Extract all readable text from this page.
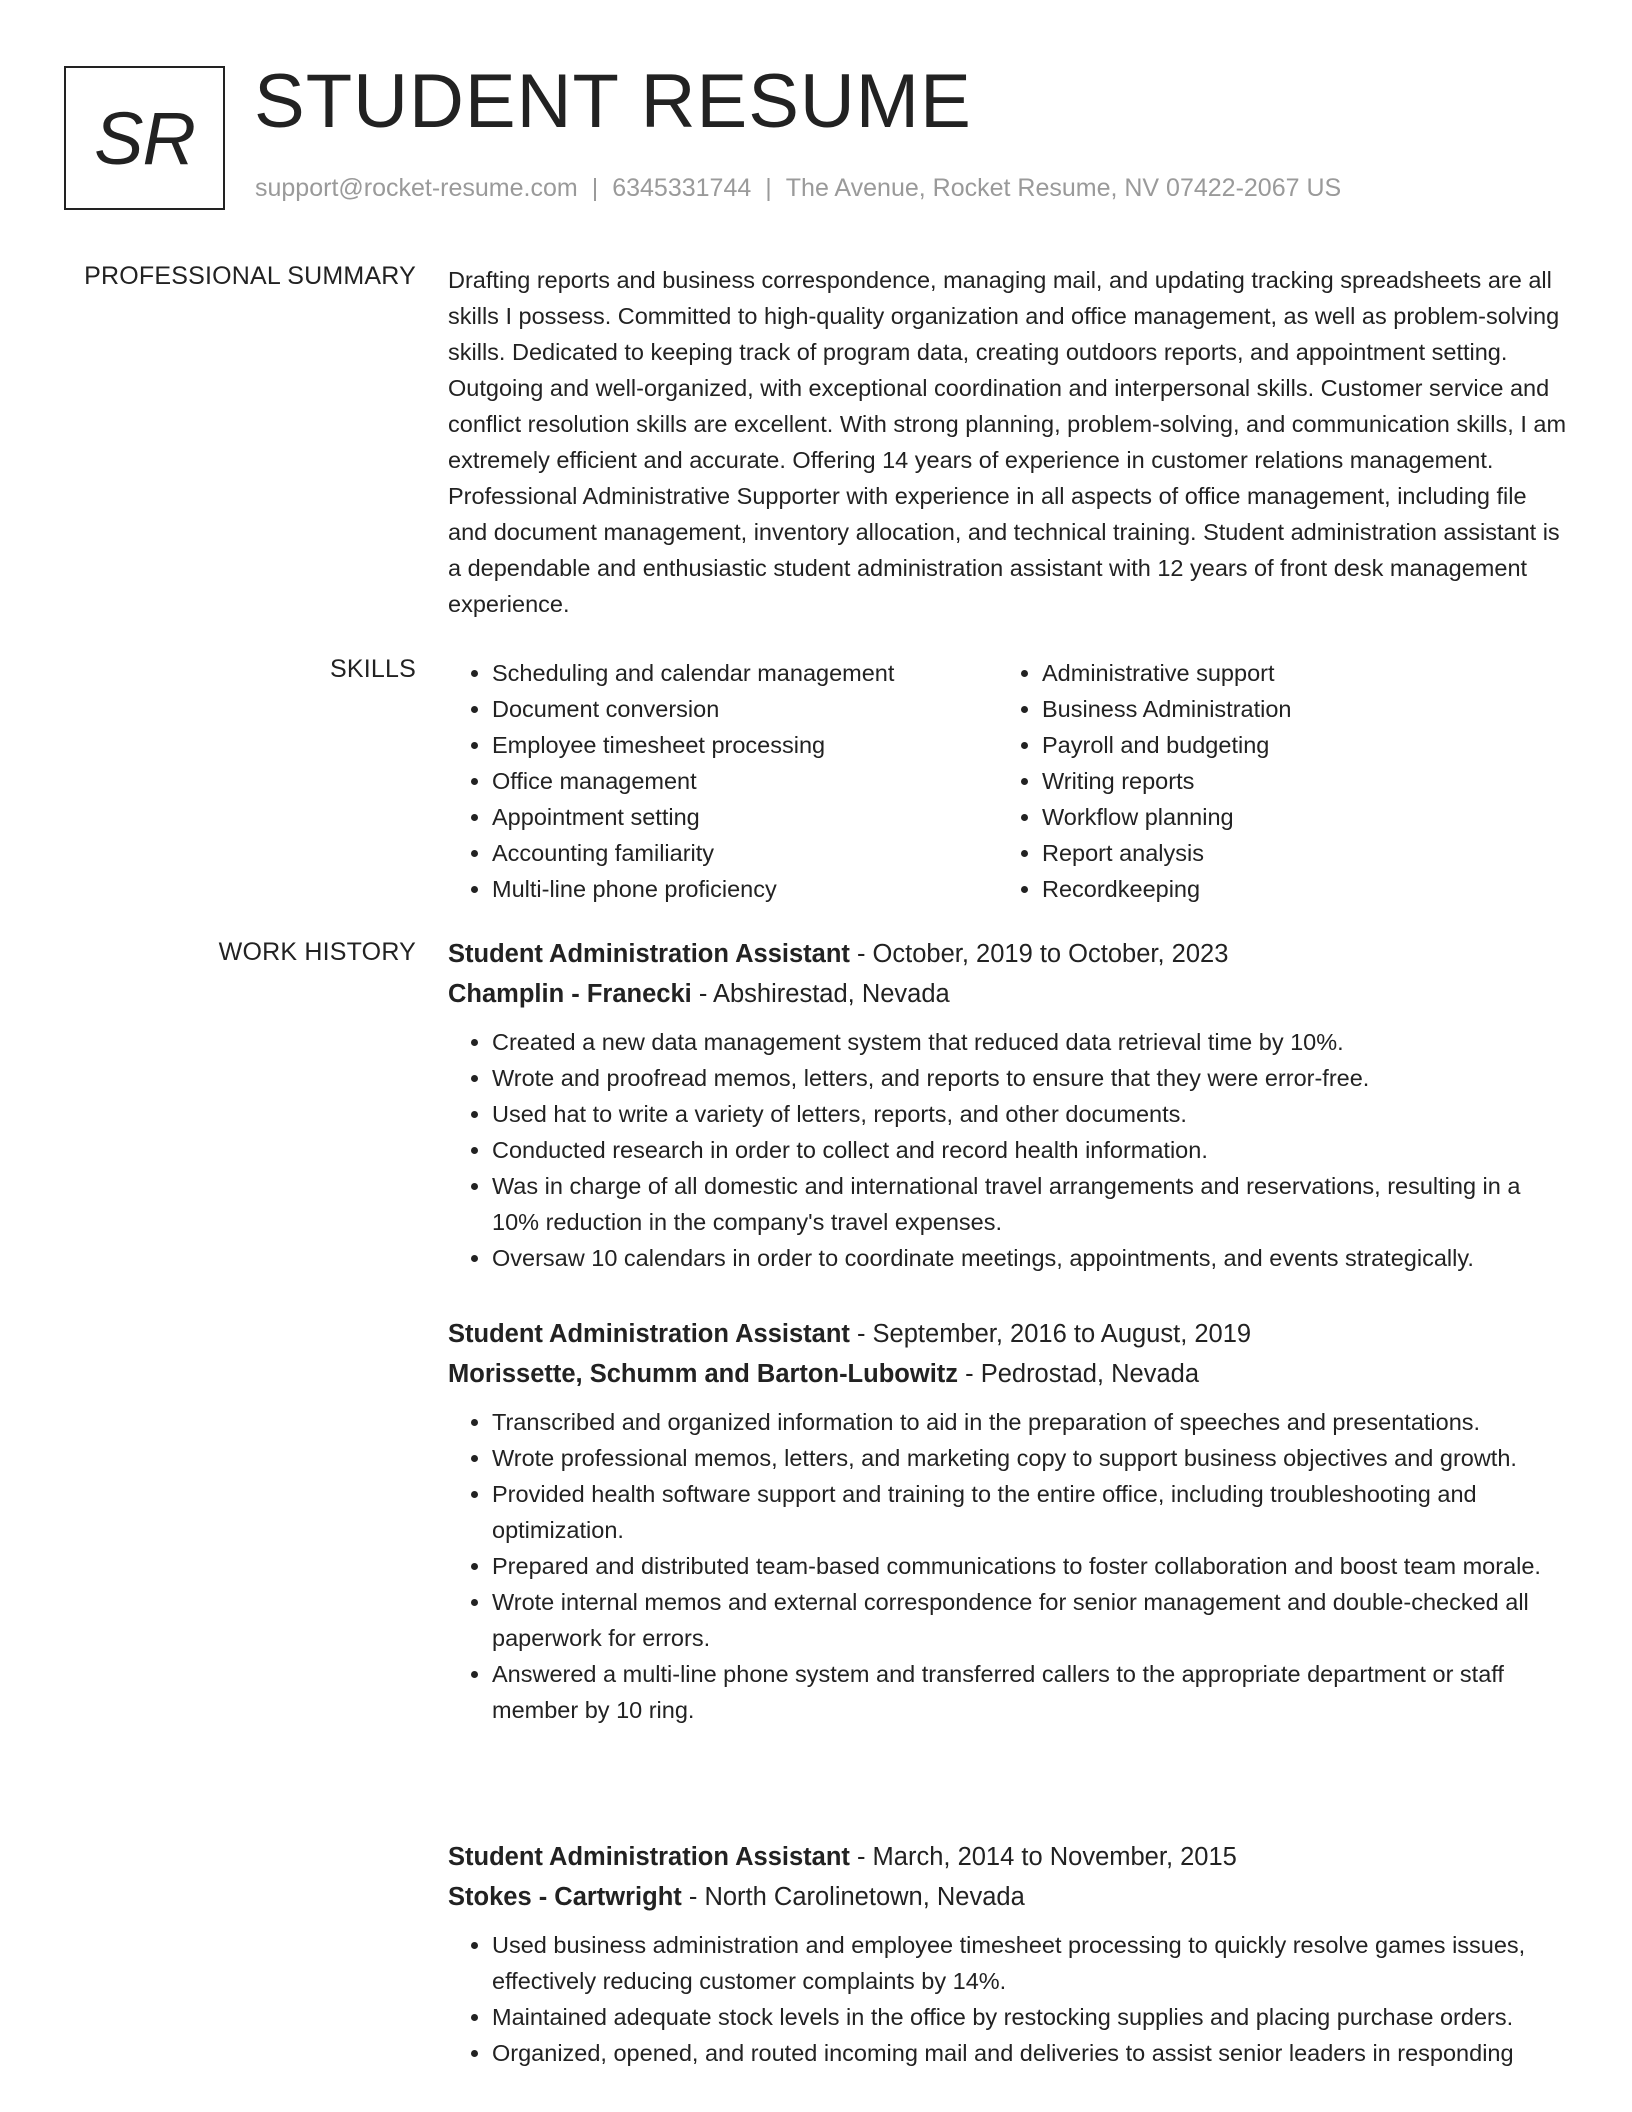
SR STUDENT RESUME
support@rocket-resume.com | 6345331744 | The Avenue, Rocket Resume, NV 07422-2067 US
PROFESSIONAL SUMMARY Drafting reports and business correspondence, managing mail, and updating tracking spreadsheets are all skills I possess. Committed to high-quality organization and office management, as well as problem-solving skills. Dedicated to keeping track of program data, creating outdoors reports, and appointment setting. Outgoing and well-organized, with exceptional coordination and interpersonal skills. Customer service and conflict resolution skills are excellent. With strong planning, problem-solving, and communication skills, I am extremely efficient and accurate. Offering 14 years of experience in customer relations management. Professional Administrative Supporter with experience in all aspects of office management, including file and document management, inventory allocation, and technical training. Student administration assistant is a dependable and enthusiastic student administration assistant with 12 years of front desk management experience.

SKILLS
•	Scheduling and calendar management
• Document conversion
• Employee timesheet processing
• Office management
• Appointment setting
• Accounting familiarity
• Multi-line phone proficiency
• Administrative support
• Business Administration
• Payroll and budgeting
• Writing reports
• Workflow planning
• Report analysis
• Recordkeeping
WORK HISTORY Student Administration Assistant - October, 2019 to October, 2023
Champlin - Franecki - Abshirestad, Nevada
• Created a new data management system that reduced data retrieval time by 10%.
• Wrote and proofread memos, letters, and reports to ensure that they were error-free.
• Used hat to write a variety of letters, reports, and other documents.
• Conducted research in order to collect and record health information.
• Was in charge of all domestic and international travel arrangements and reservations, resulting in a 10% reduction in the company's travel expenses.
• Oversaw 10 calendars in order to coordinate meetings, appointments, and events strategically.
Student Administration Assistant - September, 2016 to August, 2019
Morissette, Schumm and Barton-Lubowitz - Pedrostad, Nevada
• Transcribed and organized information to aid in the preparation of speeches and presentations.
• Wrote professional memos, letters, and marketing copy to support business objectives and growth.
• Provided health software support and training to the entire office, including troubleshooting and optimization.
• Prepared and distributed team-based communications to foster collaboration and boost team morale.
• Wrote internal memos and external correspondence for senior management and double-checked all paperwork for errors.
• Answered a multi-line phone system and transferred callers to the appropriate department or staff member by 10 ring.
Student Administration Assistant - March, 2014 to November, 2015
Stokes - Cartwright - North Carolinetown, Nevada
• Used business administration and employee timesheet processing to quickly resolve games issues, effectively reducing customer complaints by 14%.
• Maintained adequate stock levels in the office by restocking supplies and placing purchase orders.
• Organized, opened, and routed incoming mail and deliveries to assist senior leaders in responding
